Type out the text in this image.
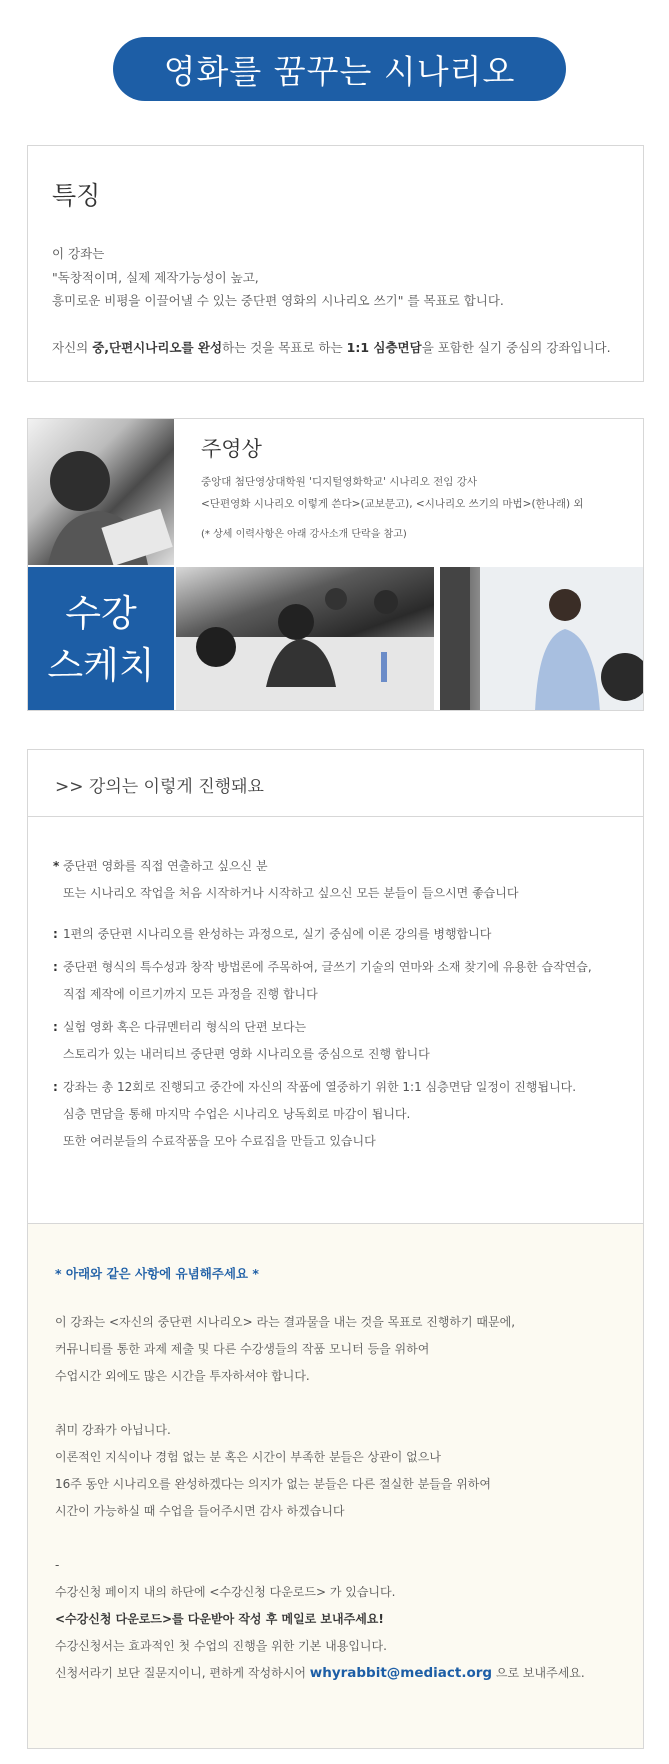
영화를 꿈꾸는 시나리오
특징

이 강좌는

"독창적이며, 실제 제작가능성이 높고,

흥미로운 비평을 이끌어낼 수 있는 중단편 영화의 시나리오 쓰기" 를 목표로 합니다.

자신의 중,단편시나리오를 완성하는 것을 목표로 하는 1:1 심층면담을 포함한 실기 중심의 강좌입니다.

주영상
중앙대 첨단영상대학원 '디지털영화학교' 시나리오 전임 강사
<단편영화 시나리오 이렇게 쓴다>(교보문고), <시나리오 쓰기의 마법>(한나래) 외
(* 상세 이력사항은 아래 강사소개 단락을 참고)
수강
스케치
>> 강의는 이렇게 진행돼요
* 중단편 영화를 직접 연출하고 싶으신 분
또는 시나리오 작업을 처음 시작하거나 시작하고 싶으신 모든 분들이 들으시면 좋습니다
: 1편의 중단편 시나리오를 완성하는 과정으로, 실기 중심에 이론 강의를 병행합니다
: 중단편 형식의 특수성과 창작 방법론에 주목하여, 글쓰기 기술의 연마와 소재 찾기에 유용한 습작연습,
직접 제작에 이르기까지 모든 과정을 진행 합니다
: 실험 영화 혹은 다큐멘터리 형식의 단편 보다는
스토리가 있는 내러티브 중단편 영화 시나리오를 중심으로 진행 합니다
: 강좌는 총 12회로 진행되고 중간에 자신의 작품에 열중하기 위한 1:1 심층면담 일정이 진행됩니다.
심층 면담을 통해 마지막 수업은 시나리오 낭독회로 마감이 됩니다.
또한 여러분들의 수료작품을 모아 수료집을 만들고 있습니다
* 아래와 같은 사항에 유념해주세요 *
이 강좌는 <자신의 중단편 시나리오> 라는 결과물을 내는 것을 목표로 진행하기 때문에,
커뮤니티를 통한 과제 제출 및 다른 수강생들의 작품 모니터 등을 위하여
수업시간 외에도 많은 시간을 투자하셔야 합니다.
취미 강좌가 아닙니다.
이론적인 지식이나 경험 없는 분 혹은 시간이 부족한 분들은 상관이 없으나
16주 동안 시나리오를 완성하겠다는 의지가 없는 분들은 다른 절실한 분들을 위하여
시간이 가능하실 때 수업을 들어주시면 감사 하겠습니다
-
수강신청 페이지 내의 하단에 <수강신청 다운로드> 가 있습니다.
<수강신청 다운로드>를 다운받아 작성 후 메일로 보내주세요!
수강신청서는 효과적인 첫 수업의 진행을 위한 기본 내용입니다.
신청서라기 보단 질문지이니, 편하게 작성하시어 whyrabbit@mediact.org 으로 보내주세요.
